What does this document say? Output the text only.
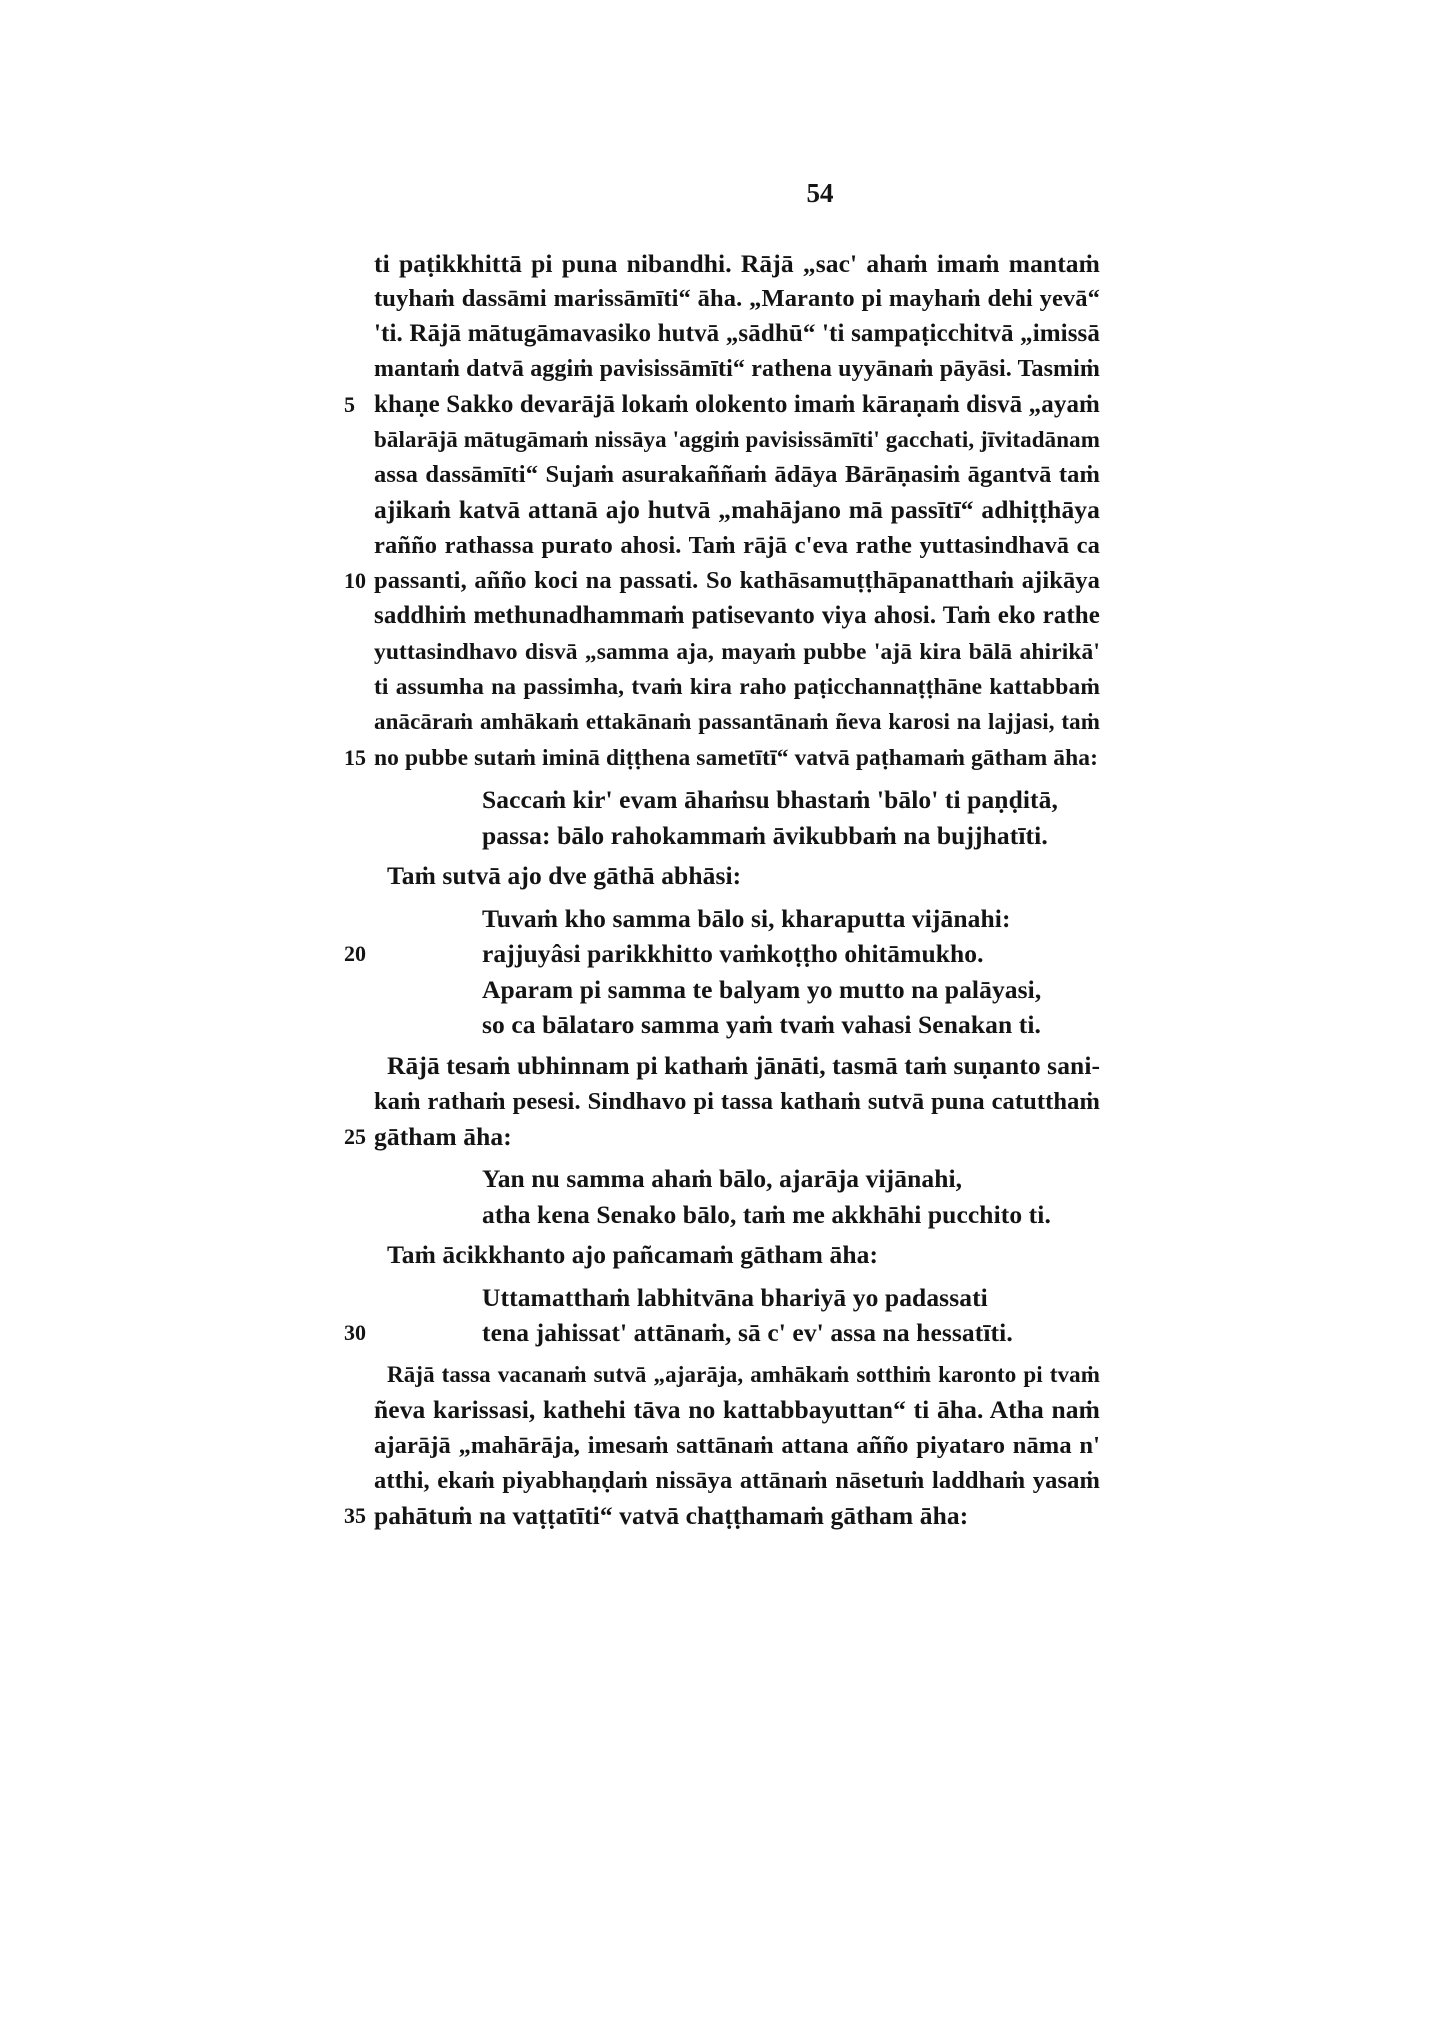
54
ti paṭikkhittā pi puna nibandhi. Rājā „sac' ahaṁ imaṁ mantaṁ
tuyhaṁ dassāmi marissāmīti“ āha. „Maranto pi mayhaṁ dehi yevā“
'ti. Rājā mātugāmavasiko hutvā „sādhū“ 'ti sampaṭicchitvā „imissā
mantaṁ datvā aggiṁ pavisissāmīti“ rathena uyyānaṁ pāyāsi. Tasmiṁ
5 khaṇe Sakko devarājā lokaṁ olokento imaṁ kāraṇaṁ disvā „ayaṁ
bālarājā mātugāmaṁ nissāya 'aggiṁ pavisissāmīti' gacchati, jīvitadānam
assa dassāmīti“ Sujaṁ asurakaññaṁ ādāya Bārāṇasiṁ āgantvā taṁ
ajikaṁ katvā attanā ajo hutvā „mahājano mā passītī“ adhiṭṭhāya
rañño rathassa purato ahosi. Taṁ rājā c'eva rathe yuttasindhavā ca
10 passanti, añño koci na passati. So kathāsamuṭṭhāpanatthaṁ ajikāya
saddhiṁ methunadhammaṁ patisevanto viya ahosi. Taṁ eko rathe
yuttasindhavo disvā „samma aja, mayaṁ pubbe 'ajā kira bālā ahirikā'
ti assumha na passimha, tvaṁ kira raho paṭicchannaṭṭhāne kattabbaṁ
anācāraṁ amhākaṁ ettakānaṁ passantānaṁ ñeva karosi na lajjasi, taṁ
15 no pubbe sutaṁ iminā diṭṭhena sametītī“ vatvā paṭhamaṁ gātham āha:
Saccaṁ kir' evam āhaṁsu bhastaṁ 'bālo' ti paṇḍitā,
passa: bālo rahokammaṁ āvikubbaṁ na bujjhatīti.
Taṁ sutvā ajo dve gāthā abhāsi:
Tuvaṁ kho samma bālo si, kharaputta vijānahi:
20	rajjuyâsi parikkhitto vaṁkoṭṭho ohitāmukho.
Aparam pi samma te balyam yo mutto na palāyasi,
so ca bālataro samma yaṁ tvaṁ vahasi Senakan ti.
Rājā tesaṁ ubhinnam pi kathaṁ jānāti, tasmā taṁ suṇanto sani-
kaṁ rathaṁ pesesi. Sindhavo pi tassa kathaṁ sutvā puna catutthaṁ
25 gātham āha:
Yan nu samma ahaṁ bālo, ajarāja vijānahi,
atha kena Senako bālo, taṁ me akkhāhi pucchito ti.
Taṁ ācikkhanto ajo pañcamaṁ gātham āha:
Uttamatthaṁ labhitvāna bhariyā yo padassati
30	tena jahissat' attānaṁ, sā c' ev' assa na hessatīti.
Rājā tassa vacanaṁ sutvā „ajarāja, amhākaṁ sotthiṁ karonto pi tvaṁ
ñeva karissasi, kathehi tāva no kattabbayuttan“ ti āha. Atha naṁ
ajarājā „mahārāja, imesaṁ sattānaṁ attana añño piyataro nāma n'
atthi, ekaṁ piyabhaṇḍaṁ nissāya attānaṁ nāsetuṁ laddhaṁ yasaṁ
35 pahātuṁ na vaṭṭatīti“ vatvā chaṭṭhamaṁ gātham āha:
